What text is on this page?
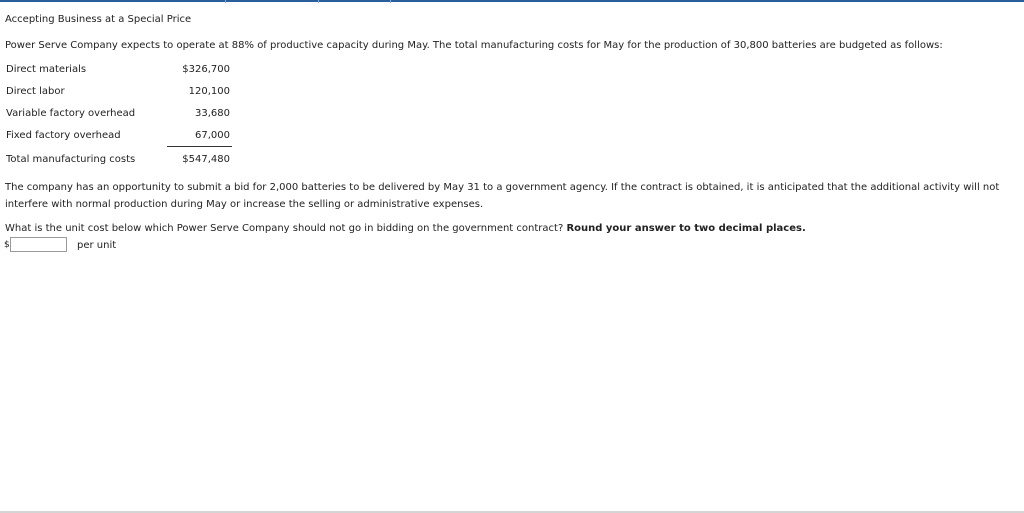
Accepting Business at a Special Price
Power Serve Company expects to operate at 88% of productive capacity during May. The total manufacturing costs for May for the production of 30,800 batteries are budgeted as follows:
Direct materials	$326,700
Direct labor	120,100
Variable factory overhead	33,680
Fixed factory overhead	67,000
Total manufacturing costs	$547,480
The company has an opportunity to submit a bid for 2,000 batteries to be delivered by May 31 to a government agency. If the contract is obtained, it is anticipated that the additional activity will not interfere with normal production during May or increase the selling or administrative expenses.
What is the unit cost below which Power Serve Company should not go in bidding on the government contract? Round your answer to two decimal places.
$	per unit
